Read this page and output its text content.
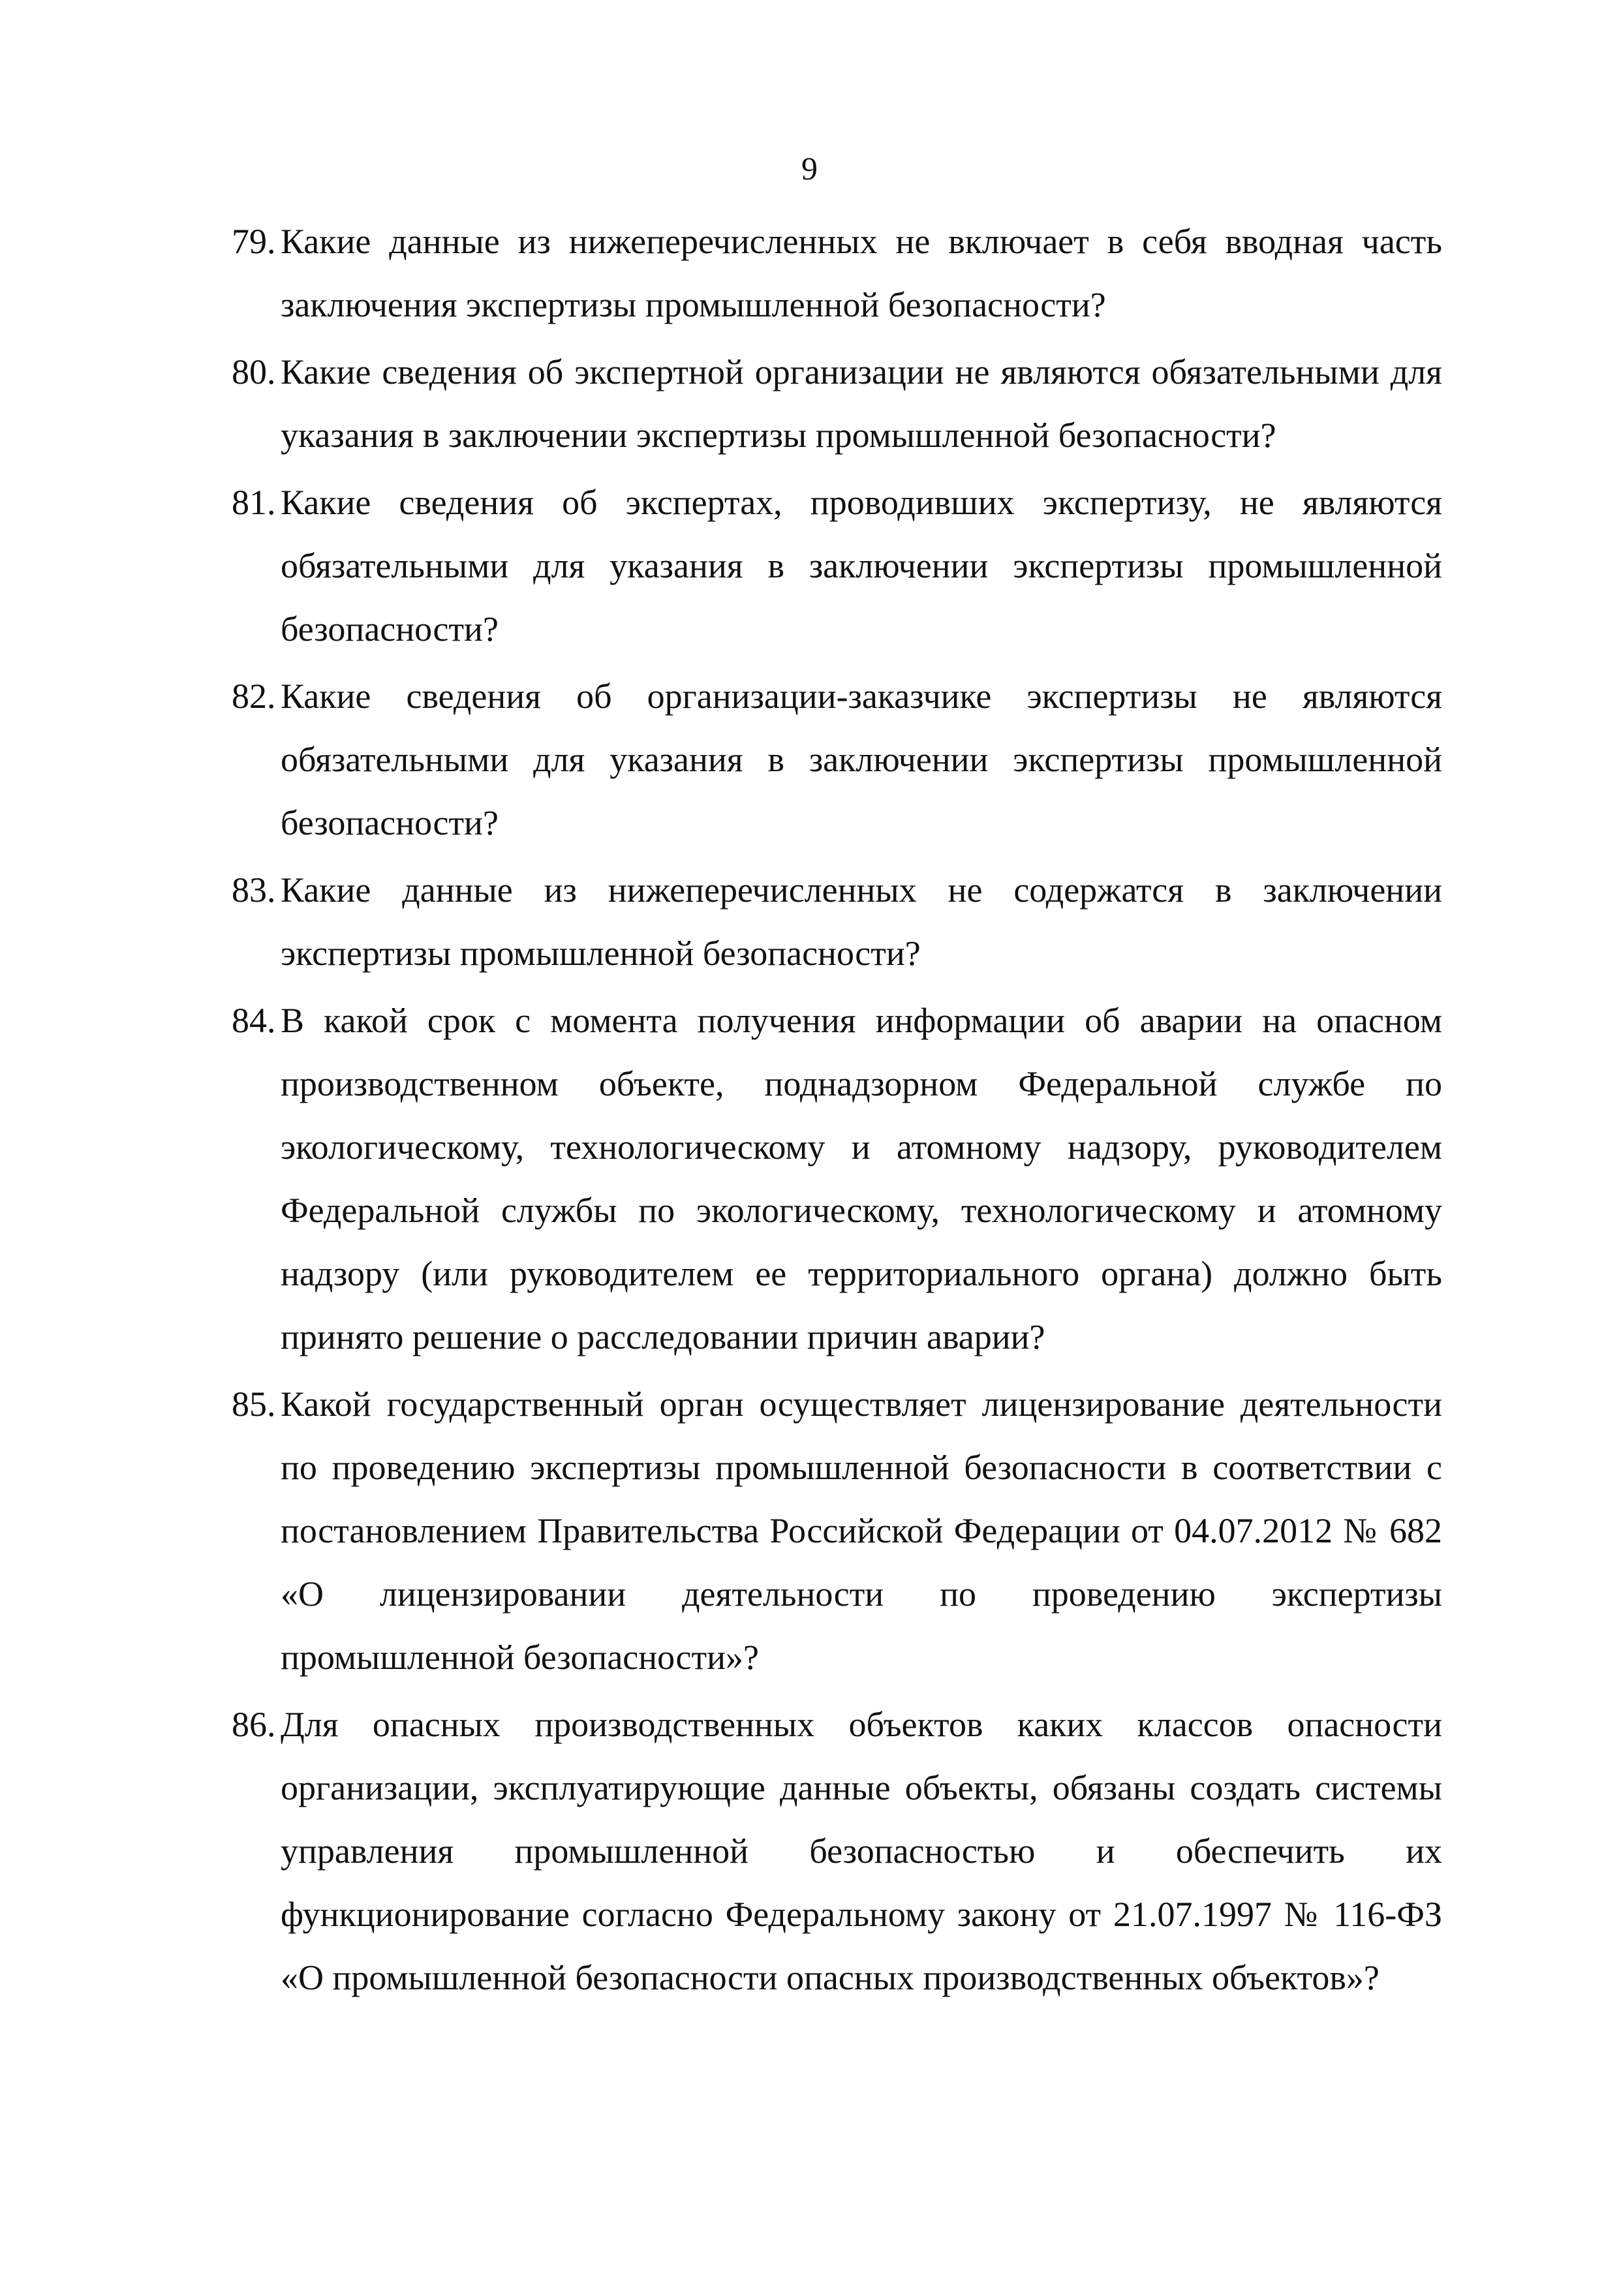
9
79. Какие данные из нижеперечисленных не включает в себя вводная часть заключения экспертизы промышленной безопасности?
80. Какие сведения об экспертной организации не являются обязательными для указания в заключении экспертизы промышленной безопасности?
81. Какие сведения об экспертах, проводивших экспертизу, не являются обязательными для указания в заключении экспертизы промышленной безопасности?
82. Какие сведения об организации-заказчике экспертизы не являются обязательными для указания в заключении экспертизы промышленной безопасности?
83. Какие данные из нижеперечисленных не содержатся в заключении экспертизы промышленной безопасности?
84. В какой срок с момента получения информации об аварии на опасном производственном объекте, поднадзорном Федеральной службе по экологическому, технологическому и атомному надзору, руководителем Федеральной службы по экологическому, технологическому и атомному надзору (или руководителем ее территориального органа) должно быть принято решение о расследовании причин аварии?
85. Какой государственный орган осуществляет лицензирование деятельности по проведению экспертизы промышленной безопасности в соответствии с постановлением Правительства Российской Федерации от 04.07.2012 № 682 «О лицензировании деятельности по проведению экспертизы промышленной безопасности»?
86. Для опасных производственных объектов каких классов опасности организации, эксплуатирующие данные объекты, обязаны создать системы управления промышленной безопасностью и обеспечить их функционирование согласно Федеральному закону от 21.07.1997 № 116-ФЗ «О промышленной безопасности опасных производственных объектов»?
